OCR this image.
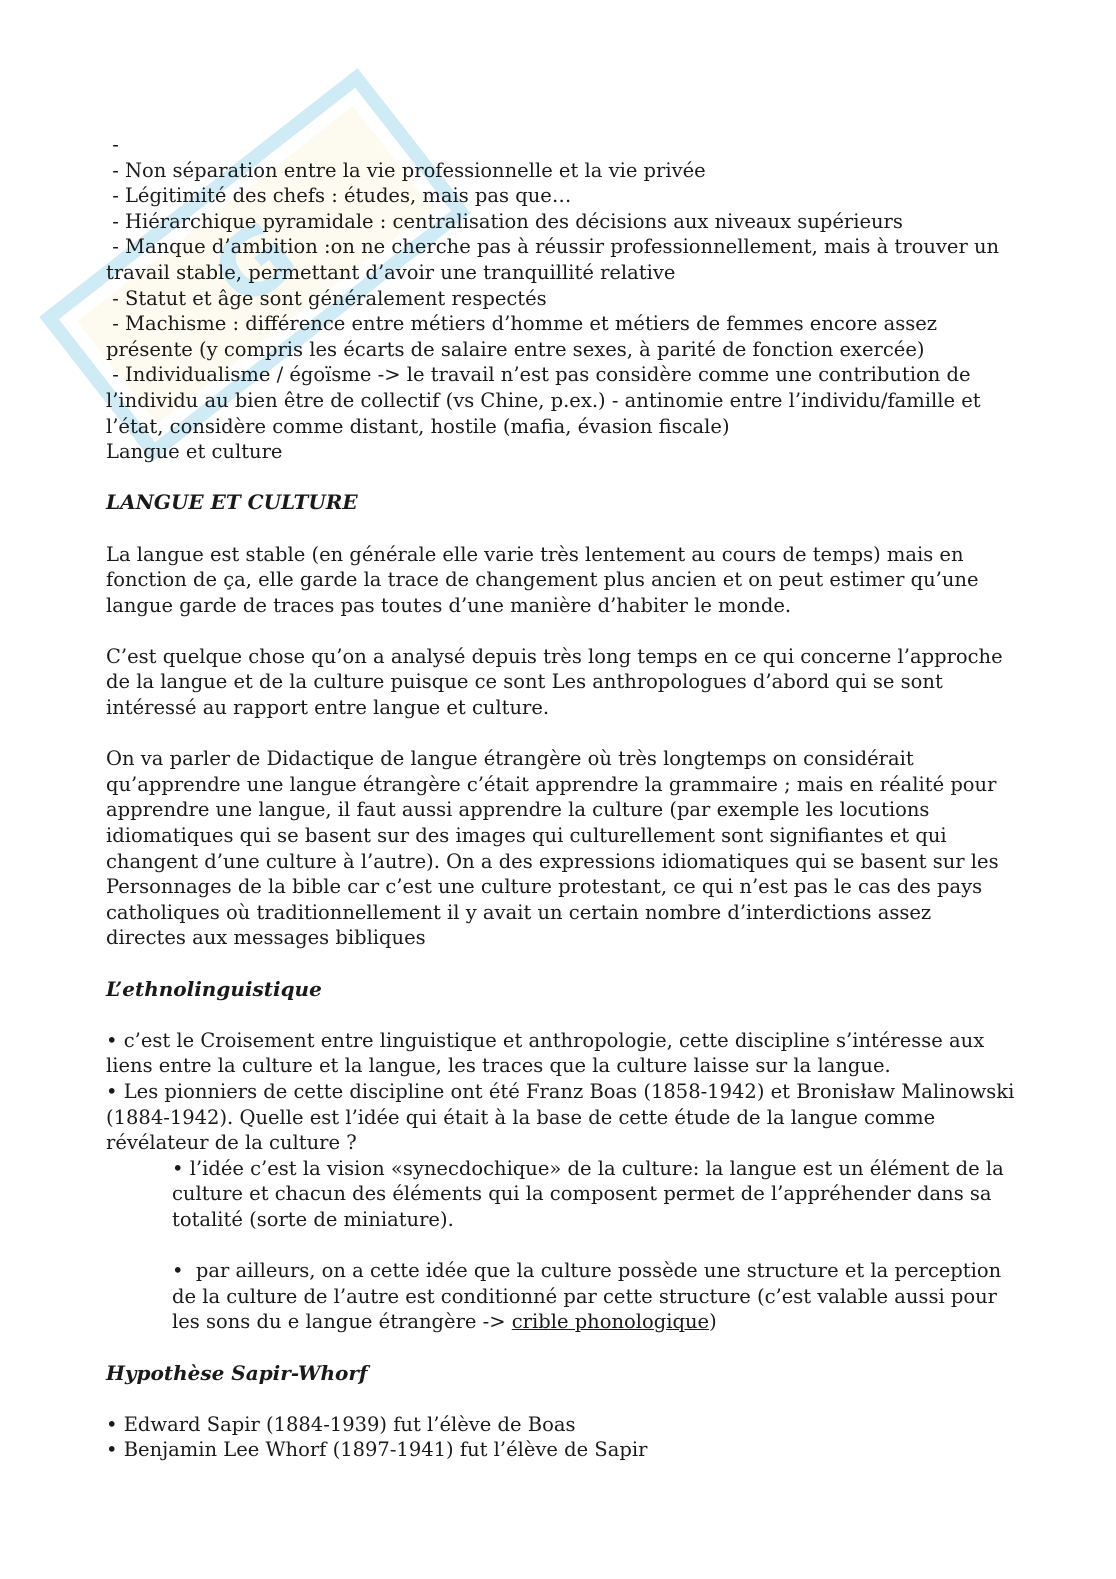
G
-
- Non séparation entre la vie professionnelle et la vie privée
- Légitimité des chefs : études, mais pas que…
- Hiérarchique pyramidale : centralisation des décisions aux niveaux supérieurs
- Manque d’ambition :on ne cherche pas à réussir professionnellement, mais à trouver un
travail stable, permettant d’avoir une tranquillité relative
- Statut et âge sont généralement respectés
- Machisme : différence entre métiers d’homme et métiers de femmes encore assez
présente (y compris les écarts de salaire entre sexes, à parité de fonction exercée)
- Individualisme / égoïsme -> le travail n’est pas considère comme une contribution de
l’individu au bien être de collectif (vs Chine, p.ex.) - antinomie entre l’individu/famille et
l’état, considère comme distant, hostile (mafia, évasion fiscale)
Langue et culture
LANGUE ET CULTURE

La langue est stable (en générale elle varie très lentement au cours de temps) mais en
fonction de ça, elle garde la trace de changement plus ancien et on peut estimer qu’une
langue garde de traces pas toutes d’une manière d’habiter le monde.

C’est quelque chose qu’on a analysé depuis très long temps en ce qui concerne l’approche
de la langue et de la culture puisque ce sont Les anthropologues d’abord qui se sont
intéressé au rapport entre langue et culture.

On va parler de Didactique de langue étrangère où très longtemps on considérait
qu’apprendre une langue étrangère c’était apprendre la grammaire ; mais en réalité pour
apprendre une langue, il faut aussi apprendre la culture (par exemple les locutions
idiomatiques qui se basent sur des images qui culturellement sont signifiantes et qui
changent d’une culture à l’autre). On a des expressions idiomatiques qui se basent sur les
Personnages de la bible car c’est une culture protestant, ce qui n’est pas le cas des pays
catholiques où traditionnellement il y avait un certain nombre d’interdictions assez
directes aux messages bibliques

L’ethnolinguistique

• c’est le Croisement entre linguistique et anthropologie, cette discipline s’intéresse aux
liens entre la culture et la langue, les traces que la culture laisse sur la langue.

• Les pionniers de cette discipline ont été Franz Boas (1858-1942) et Bronisław Malinowski
(1884-1942). Quelle est l’idée qui était à la base de cette étude de la langue comme
révélateur de la culture ?

• l’idée c’est la vision «synecdochique» de la culture: la langue est un élément de la
culture et chacun des éléments qui la composent permet de l’appréhender dans sa
totalité (sorte de miniature).

•  par ailleurs, on a cette idée que la culture possède une structure et la perception
de la culture de l’autre est conditionné par cette structure (c’est valable aussi pour
les sons du e langue étrangère -> crible phonologique)

Hypothèse Sapir-Whorf

• Edward Sapir (1884-1939) fut l’élève de Boas
• Benjamin Lee Whorf (1897-1941) fut l’élève de Sapir
